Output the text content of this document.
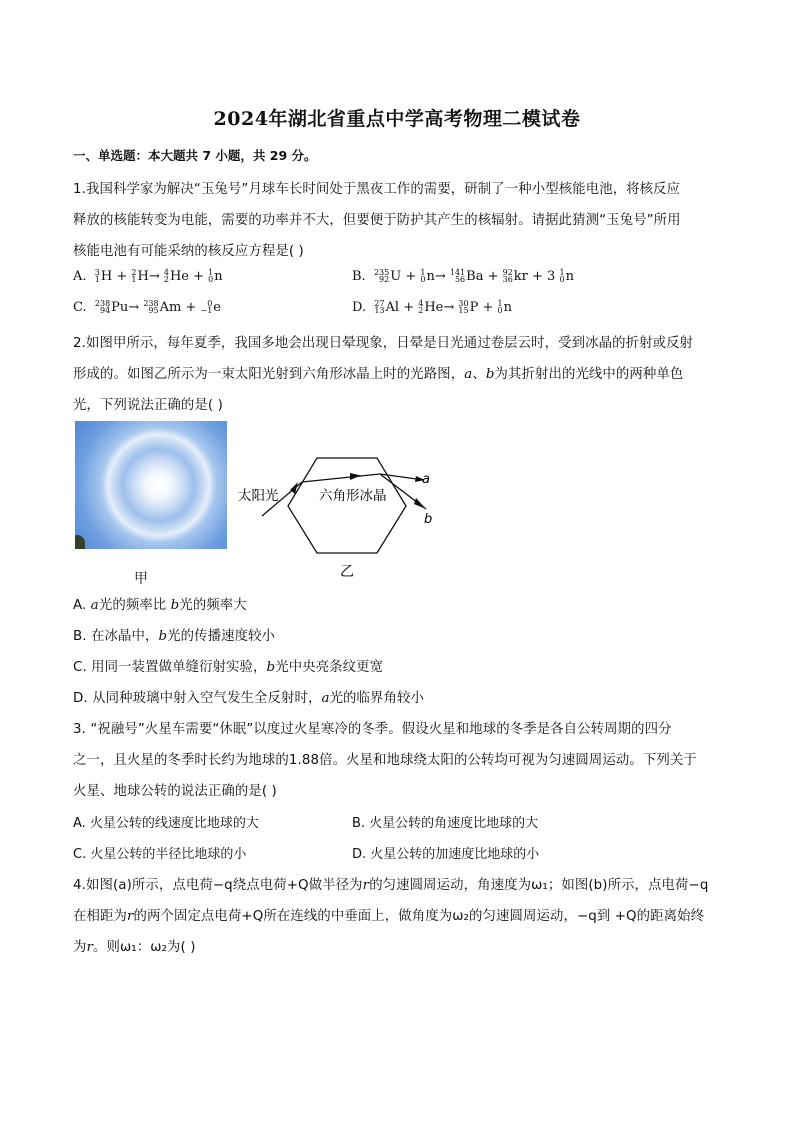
2024年湖北省重点中学高考物理二模试卷
一、单选题：本大题共 7 小题，共 29 分。
1.我国科学家为解决“玉兔号”月球车长时间处于黑夜工作的需要，研制了一种小型核能电池，将核反应
释放的核能转变为电能，需要的功率并不大，但要便于防护其产生的核辐射。请据此猜测“玉兔号”所用
核能电池有可能采纳的核反应方程是( )
A. 3
1 H + 2
1 H→ 4
2 He + 1
0 n	B. 235
92 U + 1
0 n→ 141
56 Ba + 92
36 kr + 3 1
0 n
C. 238
94 Pu→ 238
95 Am + 0
−1 e	D. 27
13 Al + 4
2 He→ 30
15 P + 1
0 n
2.如图甲所示，每年夏季，我国多地会出现日晕现象，日晕是日光通过卷层云时，受到冰晶的折射或反射
形成的。如图乙所示为一束太阳光射到六角形冰晶上时的光路图，a、b为其折射出的光线中的两种单色
光，下列说法正确的是( )
甲
太阳光	六角形冰晶
a
b
乙
A. a光的频率比 b光的频率大
B. 在冰晶中，b光的传播速度较小
C. 用同一装置做单缝衍射实验，b光中央亮条纹更宽
D. 从同种玻璃中射入空气发生全反射时，a光的临界角较小
3. “祝融号”火星车需要“休眠”以度过火星寒冷的冬季。假设火星和地球的冬季是各自公转周期的四分
之一，且火星的冬季时长约为地球的1.88倍。火星和地球绕太阳的公转均可视为匀速圆周运动。下列关于
火星、地球公转的说法正确的是( )
A. 火星公转的线速度比地球的大	B. 火星公转的角速度比地球的大
C. 火星公转的半径比地球的小	D. 火星公转的加速度比地球的小
4.如图(a)所示，点电荷−q绕点电荷+Q做半径为r的匀速圆周运动，角速度为ω₁；如图(b)所示，点电荷−q
在相距为r的两个固定点电荷+Q所在连线的中垂面上，做角度为ω₂的匀速圆周运动，−q到 +Q的距离始终
为r。则ω₁：ω₂为( )
